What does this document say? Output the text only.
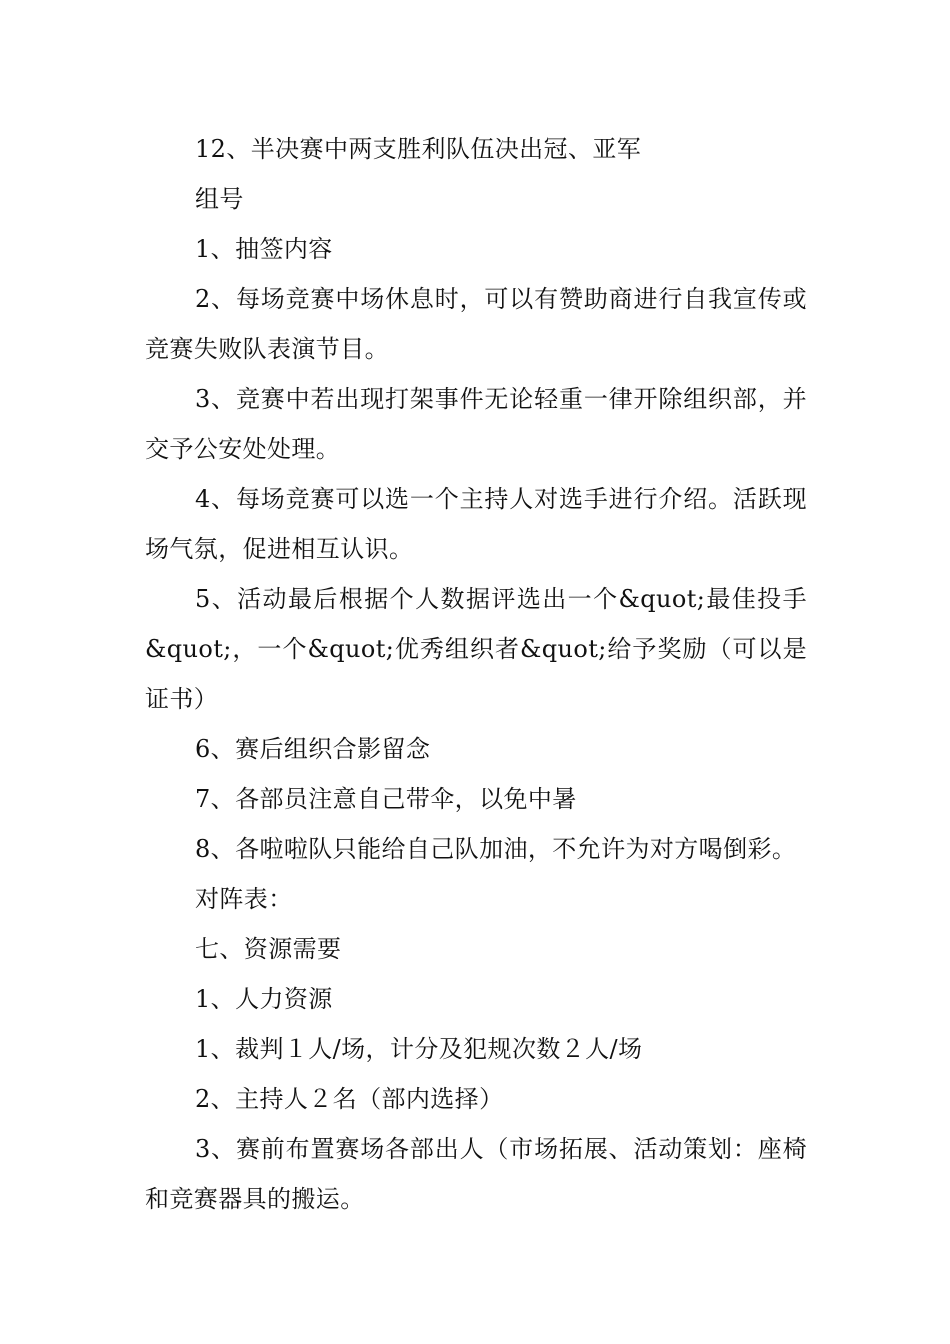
12、半决赛中两支胜利队伍决出冠、亚军

组号

1、抽签内容

2、每场竞赛中场休息时，可以有赞助商进行自我宣传或竞赛失败队表演节目。

3、竞赛中若出现打架事件无论轻重一律开除组织部，并交予公安处处理。

4、每场竞赛可以选一个主持人对选手进行介绍。活跃现场气氛，促进相互认识。

5、活动最后根据个人数据评选出一个&quot;最佳投手&quot;，一个&quot;优秀组织者&quot;给予奖励（可以是证书）

6、赛后组织合影留念

7、各部员注意自己带伞，以免中暑

8、各啦啦队只能给自己队加油，不允许为对方喝倒彩。

对阵表：

七、资源需要

1、人力资源

1、裁判１人/场，计分及犯规次数２人/场

2、主持人２名（部内选择）

3、赛前布置赛场各部出人（市场拓展、活动策划：座椅和竞赛器具的搬运。
